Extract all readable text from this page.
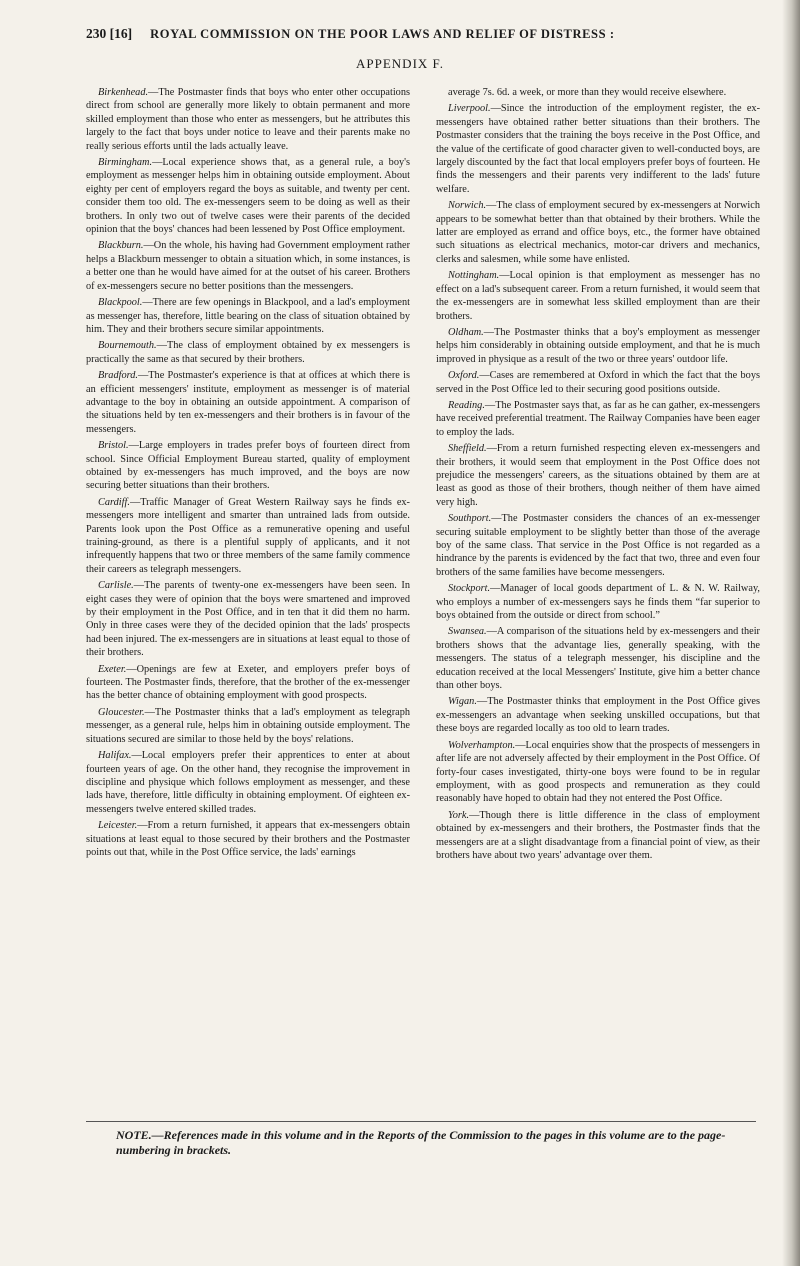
230 [16] ROYAL COMMISSION ON THE POOR LAWS AND RELIEF OF DISTRESS :
APPENDIX F.

Birkenhead.—The Postmaster finds that boys who enter other occupations direct from school are generally more likely to obtain permanent and more skilled employment than those who enter as messengers, but he attributes this largely to the fact that boys under notice to leave and their parents make no really serious efforts until the lads actually leave.

Birmingham.—Local experience shows that, as a general rule, a boy's employment as messenger helps him in obtaining outside employment. About eighty per cent of employers regard the boys as suitable, and twenty per cent. consider them too old. The ex-messengers seem to be doing as well as their brothers. In only two out of twelve cases were their parents of the decided opinion that the boys' chances had been lessened by Post Office employment.

Blackburn.—On the whole, his having had Government employment rather helps a Blackburn messenger to obtain a situation which, in some instances, is a better one than he would have aimed for at the outset of his career. Brothers of ex-messengers secure no better positions than the messengers.

Blackpool.—There are few openings in Blackpool, and a lad's employment as messenger has, therefore, little bearing on the class of situation obtained by him. They and their brothers secure similar appointments.

Bournemouth.—The class of employment obtained by ex messengers is practically the same as that secured by their brothers.

Bradford.—The Postmaster's experience is that at offices at which there is an efficient messengers' institute, employment as messenger is of material advantage to the boy in obtaining an outside appointment. A comparison of the situations held by ten ex-messengers and their brothers is in favour of the messengers.

Bristol.—Large employers in trades prefer boys of fourteen direct from school. Since Official Employment Bureau started, quality of employment obtained by ex-messengers has much improved, and the boys are now securing better situations than their brothers.

Cardiff.—Traffic Manager of Great Western Railway says he finds ex-messengers more intelligent and smarter than untrained lads from outside. Parents look upon the Post Office as a remunerative opening and useful training-ground, as there is a plentiful supply of applicants, and it not infrequently happens that two or three members of the same family commence their careers as telegraph messengers.

Carlisle.—The parents of twenty-one ex-messengers have been seen. In eight cases they were of opinion that the boys were smartened and improved by their employment in the Post Office, and in ten that it did them no harm. Only in three cases were they of the decided opinion that the lads' prospects had been injured. The ex-messengers are in situations at least equal to those of their brothers.

Exeter.—Openings are few at Exeter, and employers prefer boys of fourteen. The Postmaster finds, therefore, that the brother of the ex-messenger has the better chance of obtaining employment with good prospects.

Gloucester.—The Postmaster thinks that a lad's employment as telegraph messenger, as a general rule, helps him in obtaining outside employment. The situations secured are similar to those held by the boys' relations.

Halifax.—Local employers prefer their apprentices to enter at about fourteen years of age. On the other hand, they recognise the improvement in discipline and physique which follows employment as messenger, and these lads have, therefore, little difficulty in obtaining employment. Of eighteen ex-messengers twelve entered skilled trades.

Leicester.—From a return furnished, it appears that ex-messengers obtain situations at least equal to those secured by their brothers and the Postmaster points out that, while in the Post Office service, the lads' earnings

average 7s. 6d. a week, or more than they would receive elsewhere.

Liverpool.—Since the introduction of the employment register, the ex-messengers have obtained rather better situations than their brothers. The Postmaster considers that the training the boys receive in the Post Office, and the value of the certificate of good character given to well-conducted boys, are largely discounted by the fact that local employers prefer boys of fourteen. He finds the messengers and their parents very indifferent to the lads' future welfare.

Norwich.—The class of employment secured by ex-messengers at Norwich appears to be somewhat better than that obtained by their brothers. While the latter are employed as errand and office boys, etc., the former have obtained such situations as electrical mechanics, motor-car drivers and mechanics, clerks and salesmen, while some have enlisted.

Nottingham.—Local opinion is that employment as messenger has no effect on a lad's subsequent career. From a return furnished, it would seem that the ex-messengers are in somewhat less skilled employment than are their brothers.

Oldham.—The Postmaster thinks that a boy's employment as messenger helps him considerably in obtaining outside employment, and that he is much improved in physique as a result of the two or three years' outdoor life.

Oxford.—Cases are remembered at Oxford in which the fact that the boys served in the Post Office led to their securing good positions outside.

Reading.—The Postmaster says that, as far as he can gather, ex-messengers have received preferential treatment. The Railway Companies have been eager to employ the lads.

Sheffield.—From a return furnished respecting eleven ex-messengers and their brothers, it would seem that employment in the Post Office does not prejudice the messengers' careers, as the situations obtained by them are at least as good as those of their brothers, though neither of them have aimed very high.

Southport.—The Postmaster considers the chances of an ex-messenger securing suitable employment to be slightly better than those of the average boy of the same class. That service in the Post Office is not regarded as a hindrance by the parents is evidenced by the fact that two, three and even four brothers of the same families have become messengers.

Stockport.—Manager of local goods department of L. & N. W. Railway, who employs a number of ex-messengers says he finds them “far superior to boys obtained from the outside or direct from school.”

Swansea.—A comparison of the situations held by ex-messengers and their brothers shows that the advantage lies, generally speaking, with the messengers. The status of a telegraph messenger, his discipline and the education received at the local Messengers' Institute, give him a better chance than other boys.

Wigan.—The Postmaster thinks that employment in the Post Office gives ex-messengers an advantage when seeking unskilled occupations, but that these boys are regarded locally as too old to learn trades.

Wolverhampton.—Local enquiries show that the prospects of messengers in after life are not adversely affected by their employment in the Post Office. Of forty-four cases investigated, thirty-one boys were found to be in regular employment, with as good prospects and remuneration as they could reasonably have hoped to obtain had they not entered the Post Office.

York.—Though there is little difference in the class of employment obtained by ex-messengers and their brothers, the Postmaster finds that the messengers are at a slight disadvantage from a financial point of view, as their brothers have about two years' advantage over them.

NOTE.—References made in this volume and in the Reports of the Commission to the pages in this volume are to the page-numbering in brackets.
